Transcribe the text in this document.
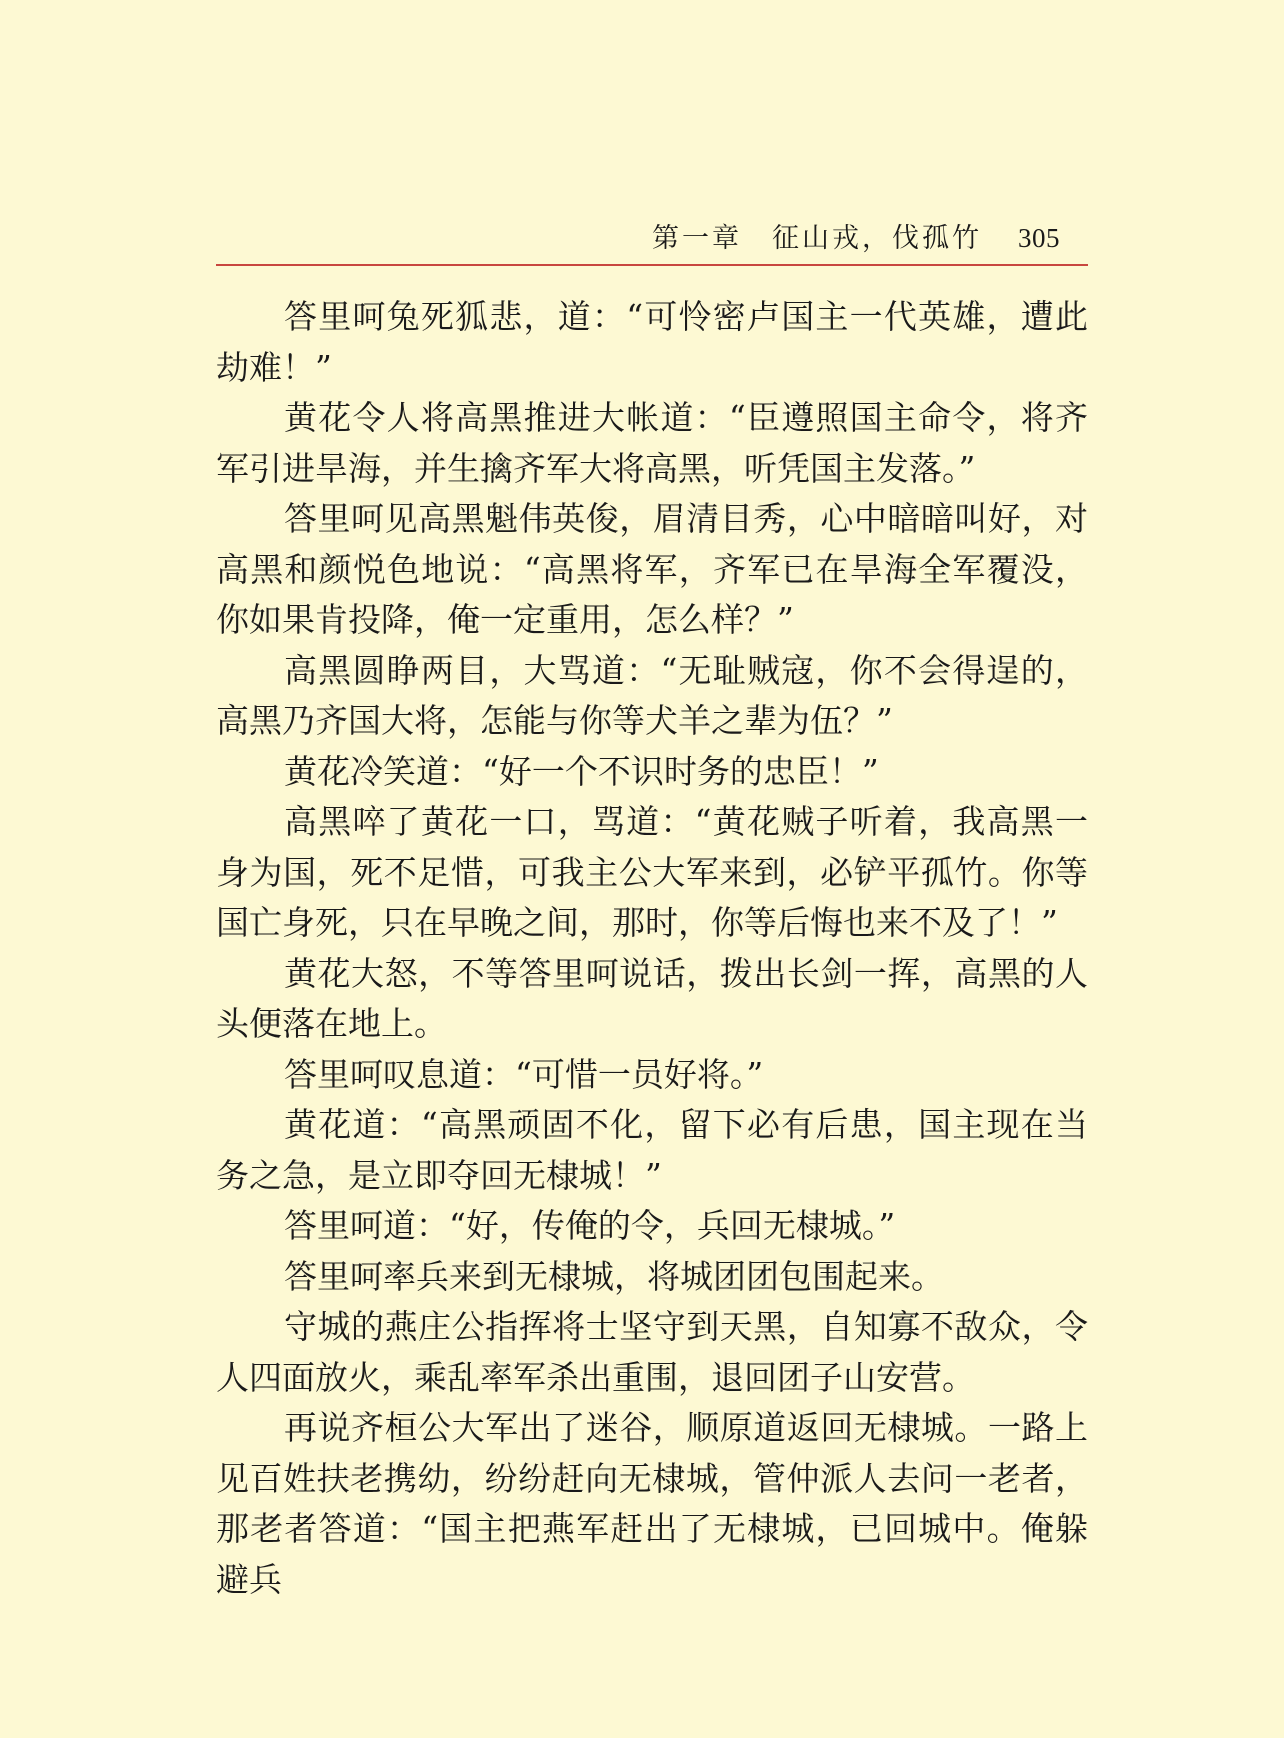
第一章　征山戎，伐孤竹 305

答里呵兔死狐悲，道：“可怜密卢国主一代英雄，遭此劫难！”

黄花令人将高黑推进大帐道：“臣遵照国主命令，将齐军引进旱海，并生擒齐军大将高黑，听凭国主发落。”

答里呵见高黑魁伟英俊，眉清目秀，心中暗暗叫好，对高黑和颜悦色地说：“高黑将军，齐军已在旱海全军覆没，你如果肯投降，俺一定重用，怎么样？”

高黑圆睁两目，大骂道：“无耻贼寇，你不会得逞的，高黑乃齐国大将，怎能与你等犬羊之辈为伍？”

黄花冷笑道：“好一个不识时务的忠臣！”

高黑啐了黄花一口，骂道：“黄花贼子听着，我高黑一身为国，死不足惜，可我主公大军来到，必铲平孤竹。你等国亡身死，只在早晚之间，那时，你等后悔也来不及了！”

黄花大怒，不等答里呵说话，拨出长剑一挥，高黑的人头便落在地上。

答里呵叹息道：“可惜一员好将。”

黄花道：“高黑顽固不化，留下必有后患，国主现在当务之急，是立即夺回无棣城！”

答里呵道：“好，传俺的令，兵回无棣城。”

答里呵率兵来到无棣城，将城团团包围起来。

守城的燕庄公指挥将士坚守到天黑，自知寡不敌众，令人四面放火，乘乱率军杀出重围，退回团子山安营。

再说齐桓公大军出了迷谷，顺原道返回无棣城。一路上见百姓扶老携幼，纷纷赶向无棣城，管仲派人去问一老者，那老者答道：“国主把燕军赶出了无棣城，已回城中。俺躲避兵
